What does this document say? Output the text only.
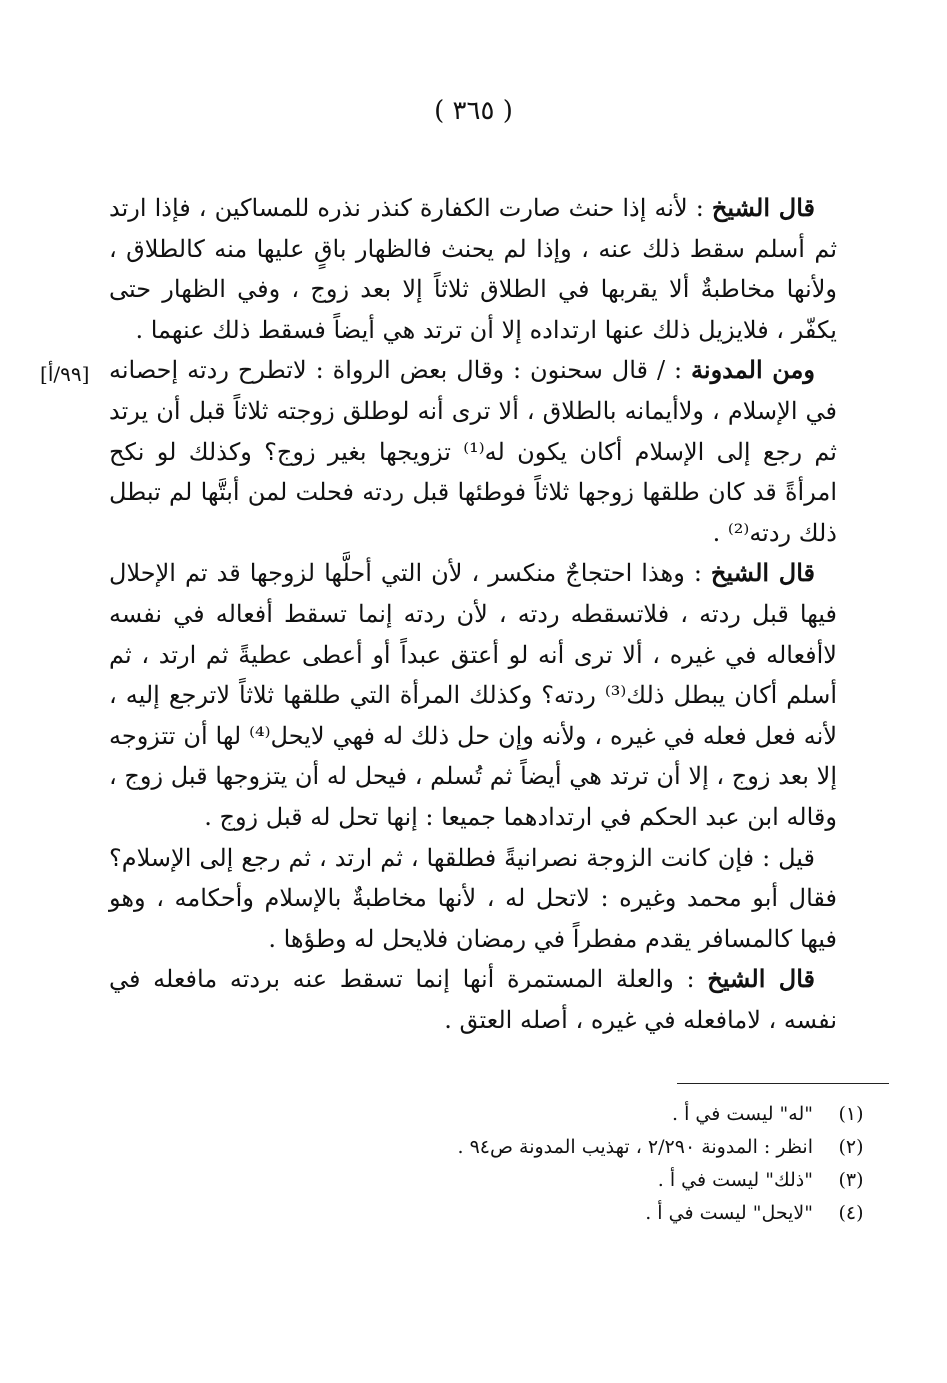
( ٣٦٥ )
[٩٩/أ]

قال الشيخ : لأنه إذا حنث صارت الكفارة كنذر نذره للمساكين ، فإذا ارتد ثم أسلم سقط ذلك عنه ، وإذا لم يحنث فالظهار باقٍ عليها منه كالطلاق ، ولأنها مخاطبةٌ ألا يقربها في الطلاق ثلاثاً إلا بعد زوج ، وفي الظهار حتى يكفّر ، فلايزيل ذلك عنها ارتداده إلا أن ترتد هي أيضاً فسقط ذلك عنهما .

ومن المدونة : / قال سحنون : وقال بعض الرواة : لاتطرح ردته إحصانه في الإسلام ، ولاأيمانه بالطلاق ، ألا ترى أنه لوطلق زوجته ثلاثاً قبل أن يرتد ثم رجع إلى الإسلام أكان يكون له⁽¹⁾ تزويجها بغير زوج؟ وكذلك لو نكح امرأةً قد كان طلقها زوجها ثلاثاً فوطئها قبل ردته فحلت لمن أبتَّها لم تبطل ذلك ردته⁽²⁾ .

قال الشيخ : وهذا احتجاجٌ منكسر ، لأن التي أحلَّها لزوجها قد تم الإحلال فيها قبل ردته ، فلاتسقطه ردته ، لأن ردته إنما تسقط أفعاله في نفسه لاأفعاله في غيره ، ألا ترى أنه لو أعتق عبداً أو أعطى عطيةً ثم ارتد ، ثم أسلم أكان يبطل ذلك⁽³⁾ ردته؟ وكذلك المرأة التي طلقها ثلاثاً لاترجع إليه ، لأنه فعل فعله في غيره ، ولأنه وإن حل ذلك له فهي لايحل⁽⁴⁾ لها أن تتزوجه إلا بعد زوج ، إلا أن ترتد هي أيضاً ثم تُسلم ، فيحل له أن يتزوجها قبل زوج ، وقاله ابن عبد الحكم في ارتدادهما جميعا : إنها تحل له قبل زوج .

قيل : فإن كانت الزوجة نصرانيةً فطلقها ، ثم ارتد ، ثم رجع إلى الإسلام؟ فقال أبو محمد وغيره : لاتحل له ، لأنها مخاطبةٌ بالإسلام وأحكامه ، وهو فيها كالمسافر يقدم مفطراً في رمضان فلايحل له وطؤها .

قال الشيخ : والعلة المستمرة أنها إنما تسقط عنه بردته مافعله في نفسه ، لامافعله في غيره ، أصله العتق .

(١)
"له" ليست في أ .
(٢)
انظر : المدونة ٢/٢٩٠ ، تهذيب المدونة ص٩٤ .
(٣)
"ذلك" ليست في أ .
(٤)
"لايحل" ليست في أ .
